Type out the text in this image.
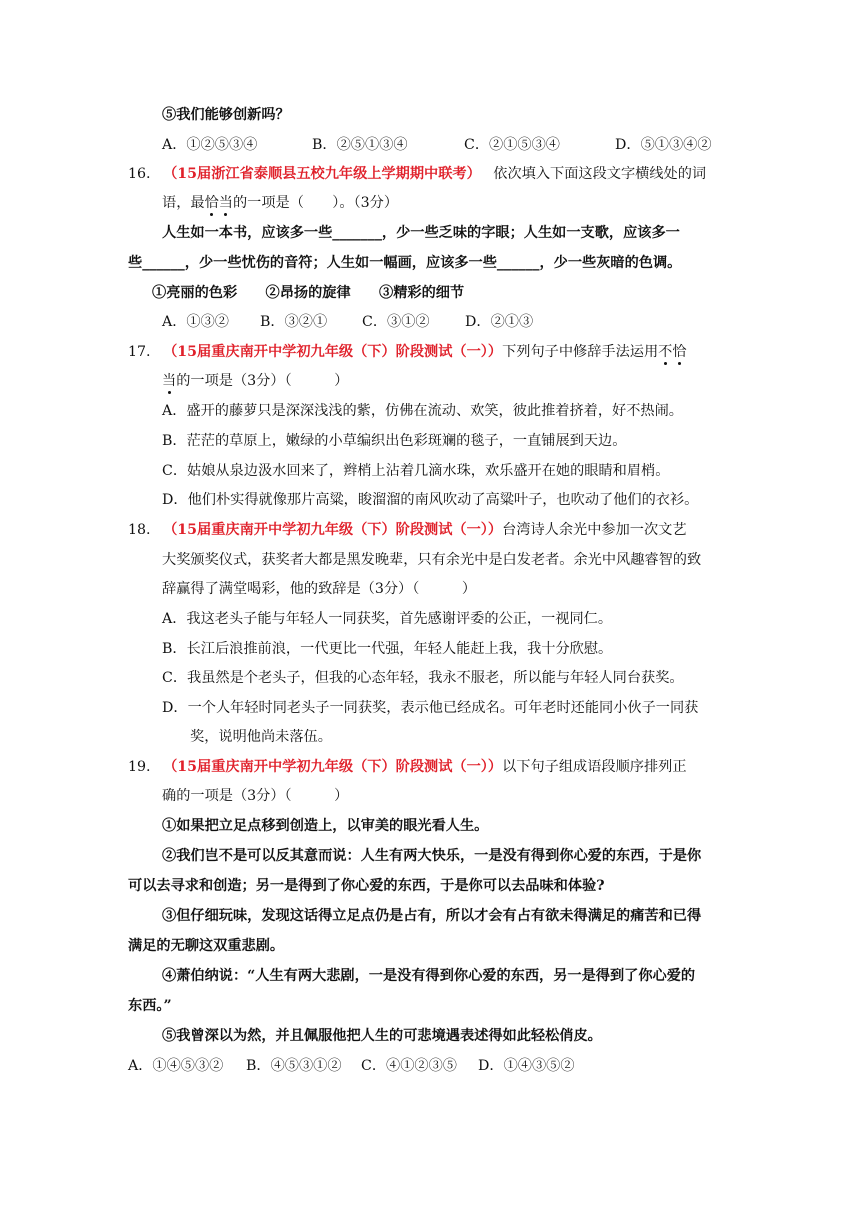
⑤我们能够创新吗？
A．①②⑤③④	B．②⑤①③④	C．②①⑤③④	D．⑤①③④②
16. （15届浙江省泰顺县五校九年级上学期期中联考） 依次填入下面这段文字横线处的词
语，最恰当的一项是（　　）。（3分）
人生如一本书，应该多一些_______，少一些乏味的字眼；人生如一支歌，应该多一
些______，少一些忧伤的音符；人生如一幅画，应该多一些______，少一些灰暗的色调。
①亮丽的色彩　　②昂扬的旋律　　③精彩的细节
A．①③② B．③②① C．③①② D．②①③
17. （15届重庆南开中学初九年级（下）阶段测试（一））下列句子中修辞手法运用不恰
当的一项是（3分）（　　　）
A．盛开的藤萝只是深深浅浅的紫，仿佛在流动、欢笑，彼此推着挤着，好不热闹。
B．茫茫的草原上，嫩绿的小草编织出色彩斑斓的毯子，一直铺展到天边。
C．姑娘从泉边汲水回来了，辫梢上沾着几滴水珠，欢乐盛开在她的眼睛和眉梢。
D．他们朴实得就像那片高粱，睃溜溜的南风吹动了高粱叶子，也吹动了他们的衣衫。
18. （15届重庆南开中学初九年级（下）阶段测试（一））台湾诗人余光中参加一次文艺
大奖颁奖仪式，获奖者大都是黑发晚辈，只有余光中是白发老者。余光中风趣睿智的致
辞赢得了满堂喝彩，他的致辞是（3分）（　　　）
A．我这老头子能与年轻人一同获奖，首先感谢评委的公正，一视同仁。
B．长江后浪推前浪，一代更比一代强，年轻人能赶上我，我十分欣慰。
C．我虽然是个老头子，但我的心态年轻，我永不服老，所以能与年轻人同台获奖。
D．一个人年轻时同老头子一同获奖，表示他已经成名。可年老时还能同小伙子一同获
奖，说明他尚未落伍。
19. （15届重庆南开中学初九年级（下）阶段测试（一））以下句子组成语段顺序排列正
确的一项是（3分）（　　　）
①如果把立足点移到创造上，以审美的眼光看人生。
②我们岂不是可以反其意而说：人生有两大快乐，一是没有得到你心爱的东西，于是你
可以去寻求和创造；另一是得到了你心爱的东西，于是你可以去品味和体验?
③但仔细玩味，发现这话得立足点仍是占有，所以才会有占有欲未得满足的痛苦和已得
满足的无聊这双重悲剧。
④萧伯纳说：“人生有两大悲剧，一是没有得到你心爱的东西，另一是得到了你心爱的
东西。”
⑤我曾深以为然，并且佩服他把人生的可悲境遇表述得如此轻松俏皮。
A．①④⑤③② B．④⑤③①② C．④①②③⑤ D．①④③⑤②
